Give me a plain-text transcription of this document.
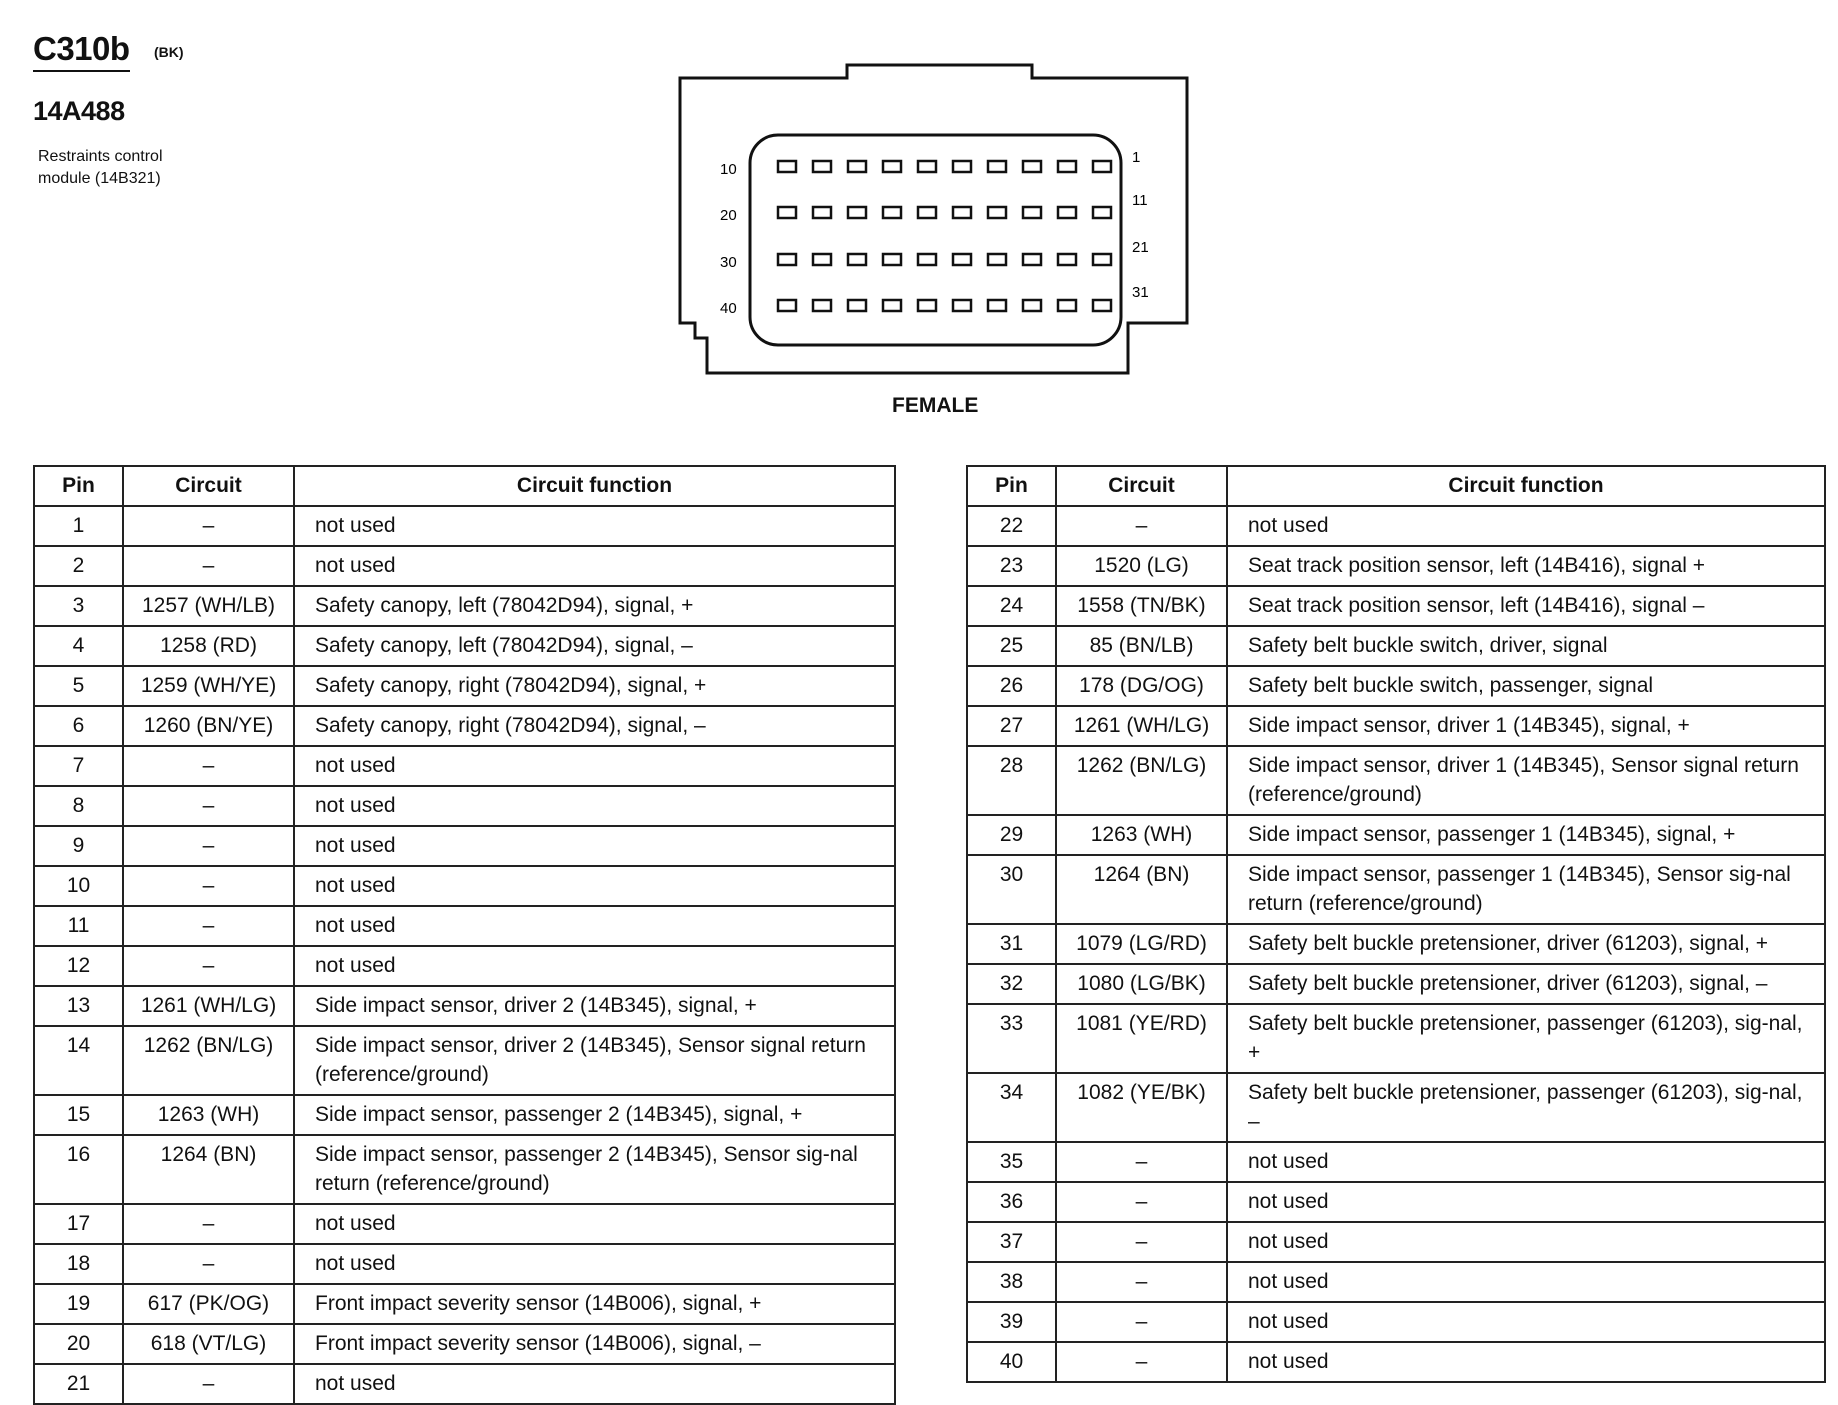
C310b (BK)
14A488
Restraints control
module (14B321)
10
20
30
40
1
11
21
31
FEMALE
Pin	Circuit	Circuit function
1	–	not used
2	–	not used
3	1257 (WH/LB)	Safety canopy, left (78042D94), signal, +
4	1258 (RD)	Safety canopy, left (78042D94), signal, –
5	1259 (WH/YE)	Safety canopy, right (78042D94), signal, +
6	1260 (BN/YE)	Safety canopy, right (78042D94), signal, –
7	–	not used
8	–	not used
9	–	not used
10	–	not used
11	–	not used
12	–	not used
13	1261 (WH/LG)	Side impact sensor, driver 2 (14B345), signal, +
14	1262 (BN/LG)	Side impact sensor, driver 2 (14B345), Sensor signal return (reference/ground)
15	1263 (WH)	Side impact sensor, passenger 2 (14B345), signal, +
16	1264 (BN)	Side impact sensor, passenger 2 (14B345), Sensor sig-nal return (reference/ground)
17	–	not used
18	–	not used
19	617 (PK/OG)	Front impact severity sensor (14B006), signal, +
20	618 (VT/LG)	Front impact severity sensor (14B006), signal, –
21	–	not used
Pin	Circuit	Circuit function
22	–	not used
23	1520 (LG)	Seat track position sensor, left (14B416), signal +
24	1558 (TN/BK)	Seat track position sensor, left (14B416), signal –
25	85 (BN/LB)	Safety belt buckle switch, driver, signal
26	178 (DG/OG)	Safety belt buckle switch, passenger, signal
27	1261 (WH/LG)	Side impact sensor, driver 1 (14B345), signal, +
28	1262 (BN/LG)	Side impact sensor, driver 1 (14B345), Sensor signal return (reference/ground)
29	1263 (WH)	Side impact sensor, passenger 1 (14B345), signal, +
30	1264 (BN)	Side impact sensor, passenger 1 (14B345), Sensor sig-nal return (reference/ground)
31	1079 (LG/RD)	Safety belt buckle pretensioner, driver (61203), signal, +
32	1080 (LG/BK)	Safety belt buckle pretensioner, driver (61203), signal, –
33	1081 (YE/RD)	Safety belt buckle pretensioner, passenger (61203), sig-nal, +
34	1082 (YE/BK)	Safety belt buckle pretensioner, passenger (61203), sig-nal, –
35	–	not used
36	–	not used
37	–	not used
38	–	not used
39	–	not used
40	–	not used
